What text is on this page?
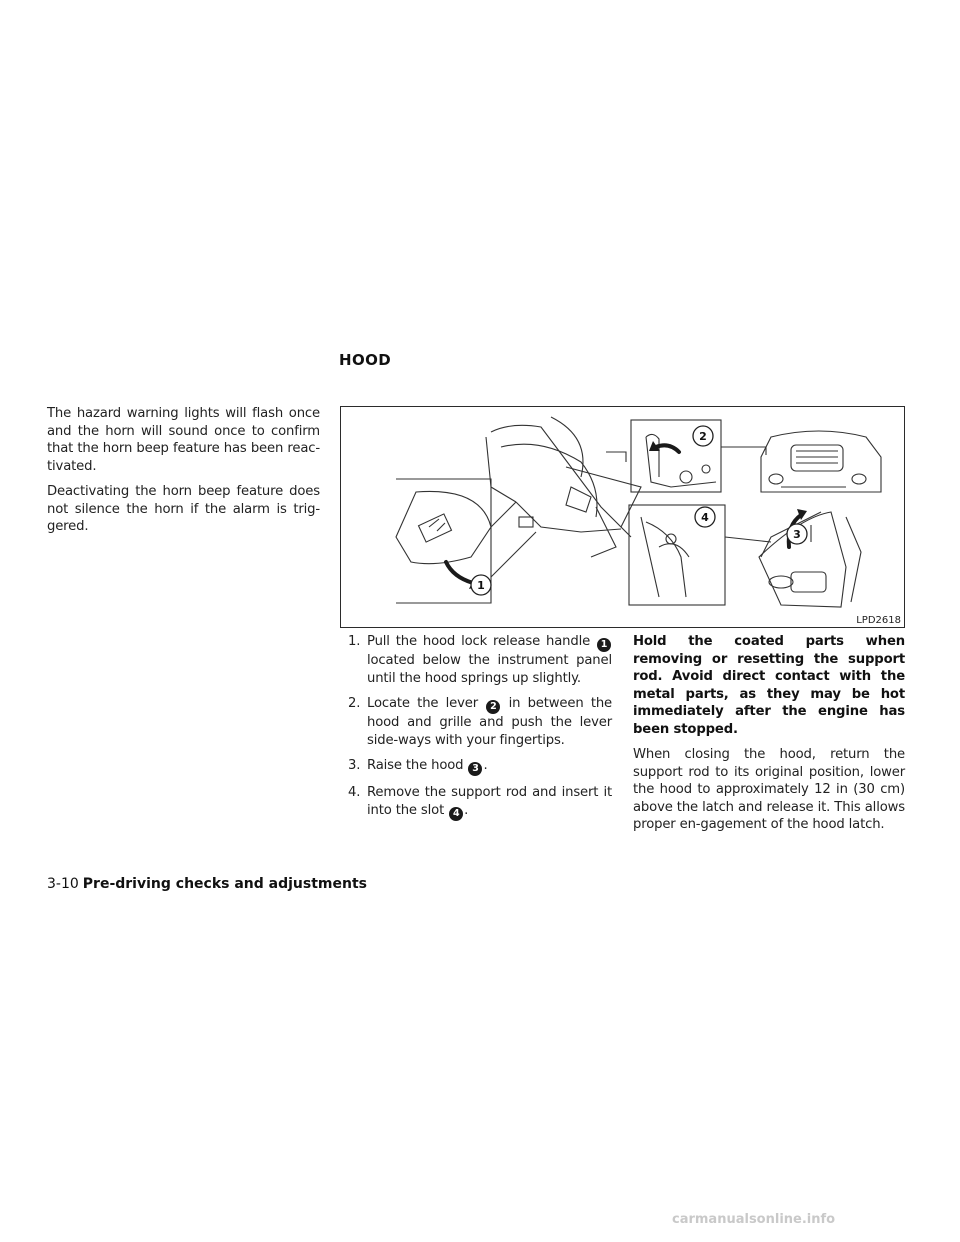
HOOD

The hazard warning lights will flash once and the horn will sound once to confirm that the horn beep feature has been reac-tivated.

Deactivating the horn beep feature does not silence the horn if the alarm is trig-gered.

1
2
3
4
LPD2618
1. Pull the hood lock release handle 1 located below the instrument panel until the hood springs up slightly.
2. Locate the lever 2 in between the hood and grille and push the lever side-ways with your fingertips.
3. Raise the hood 3 .
4. Remove the support rod and insert it into the slot 4 .

Hold the coated parts when removing or resetting the support rod. Avoid direct contact with the metal parts, as they may be hot immediately after the engine has been stopped.

When closing the hood, return the support rod to its original position, lower the hood to approximately 12 in (30 cm) above the latch and release it. This allows proper en-gagement of the hood latch.

3-10 Pre-driving checks and adjustments
carmanualsonline.info
